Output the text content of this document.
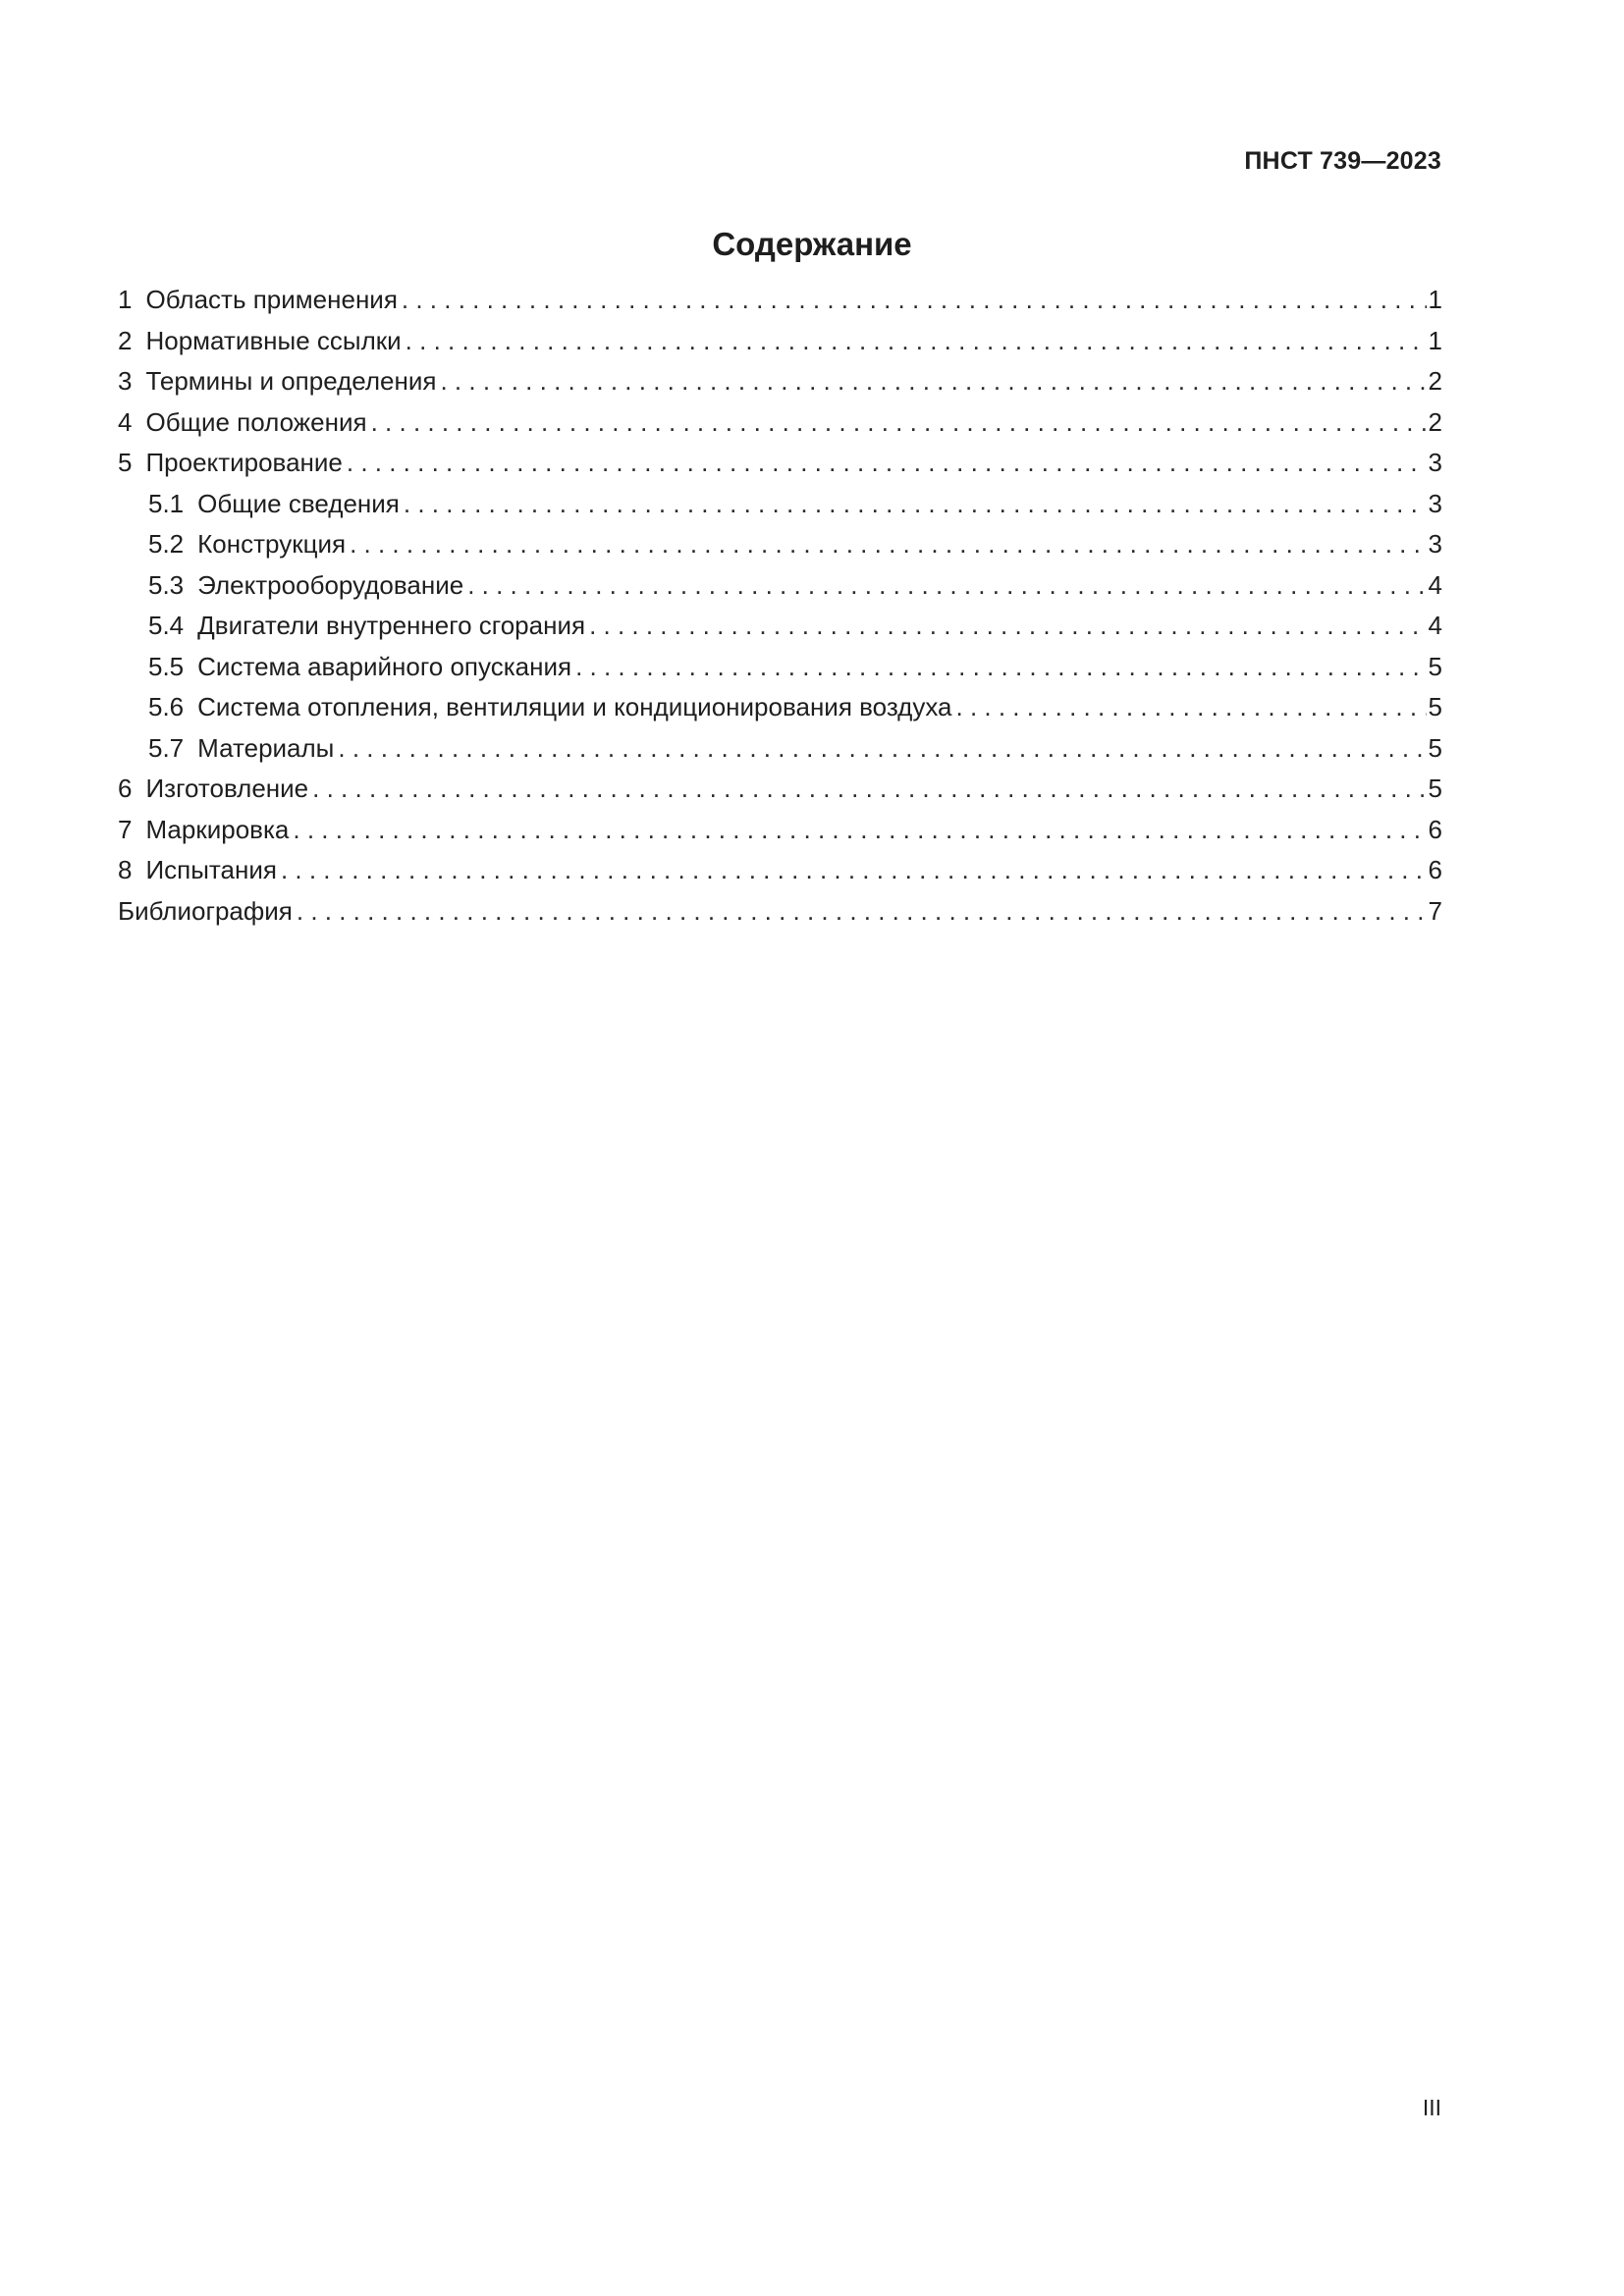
ПНСТ 739—2023
Содержание
1 Область применения . . .	1
2 Нормативные ссылки . . .	1
3 Термины и определения . . .	2
4 Общие положения . . .	2
5 Проектирование . . .	3
5.1 Общие сведения . . .	3
5.2 Конструкция . . .	3
5.3 Электрооборудование . . .	4
5.4 Двигатели внутреннего сгорания . . .	4
5.5 Система аварийного опускания . . .	5
5.6 Система отопления, вентиляции и кондиционирования воздуха . . .	5
5.7 Материалы . . .	5
6 Изготовление . . .	5
7 Маркировка . . .	6
8 Испытания . . .	6
Библиография . . .	7
III
